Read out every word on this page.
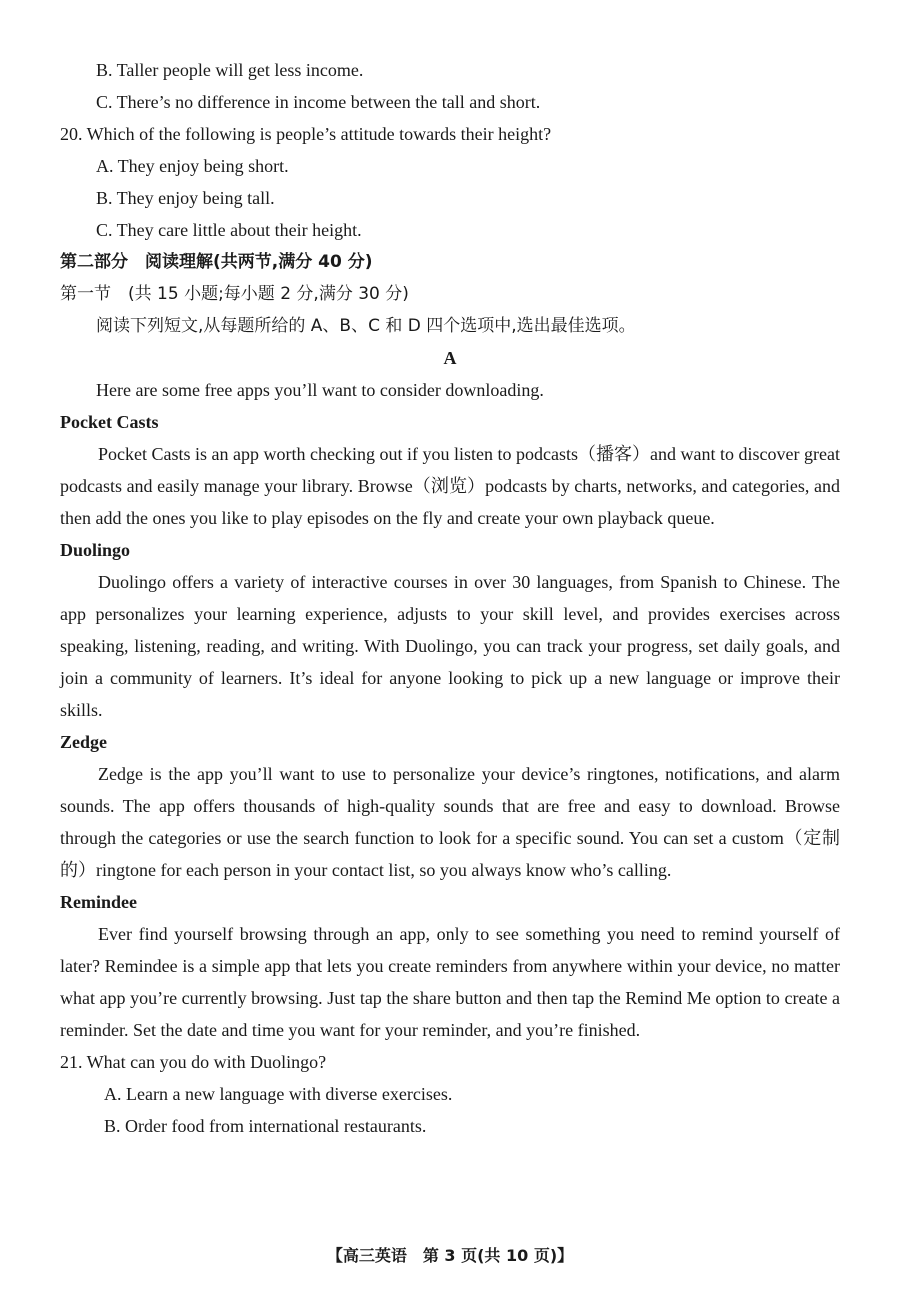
B. Taller people will get less income.
C. There’s no difference in income between the tall and short.
20. Which of the following is people’s attitude towards their height?
A. They enjoy being short.
B. They enjoy being tall.
C. They care little about their height.
第二部分　阅读理解(共两节,满分 40 分)
第一节　(共 15 小题;每小题 2 分,满分 30 分)
阅读下列短文,从每题所给的 A、B、C 和 D 四个选项中,选出最佳选项。
A
Here are some free apps you’ll want to consider downloading.
Pocket Casts
Pocket Casts is an app worth checking out if you listen to podcasts（播客）and want to discover great podcasts and easily manage your library. Browse（浏览）podcasts by charts, networks, and categories, and then add the ones you like to play episodes on the fly and create your own playback queue.
Duolingo
Duolingo offers a variety of interactive courses in over 30 languages, from Spanish to Chinese. The app personalizes your learning experience, adjusts to your skill level, and provides exercises across speaking, listening, reading, and writing. With Duolingo, you can track your progress, set daily goals, and join a community of learners. It’s ideal for anyone looking to pick up a new language or improve their skills.
Zedge
Zedge is the app you’ll want to use to personalize your device’s ringtones, notifications, and alarm sounds. The app offers thousands of high-quality sounds that are free and easy to download. Browse through the categories or use the search function to look for a specific sound. You can set a custom（定制的）ringtone for each person in your contact list, so you always know who’s calling.
Remindee
Ever find yourself browsing through an app, only to see something you need to remind yourself of later? Remindee is a simple app that lets you create reminders from anywhere within your device, no matter what app you’re currently browsing. Just tap the share button and then tap the Remind Me option to create a reminder. Set the date and time you want for your reminder, and you’re finished.
21. What can you do with Duolingo?
A. Learn a new language with diverse exercises.
B. Order food from international restaurants.
【高三英语　第 3 页(共 10 页)】
